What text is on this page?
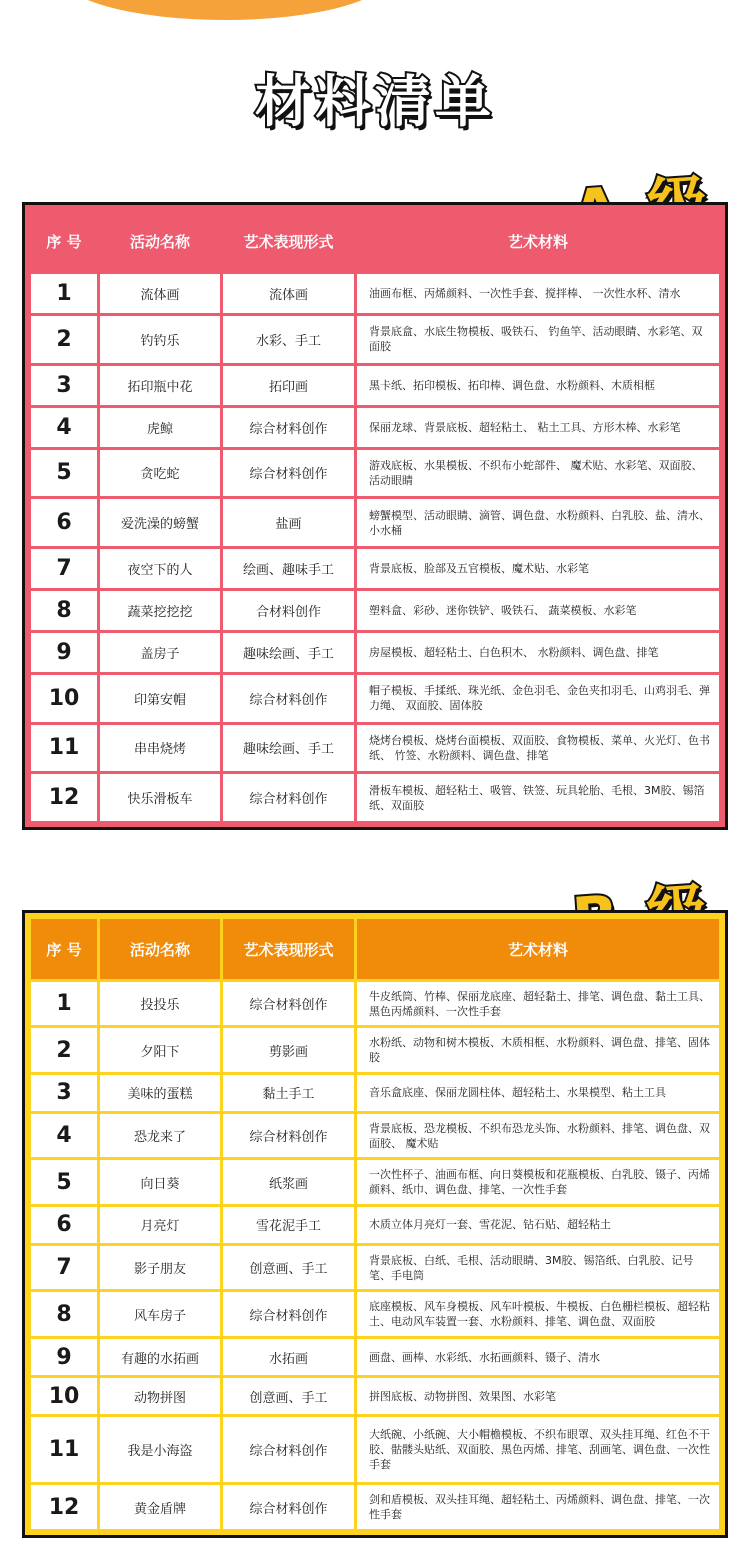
材料清单
序 号	活动名称	艺术表现形式	艺术材料
1	流体画	流体画	油画布框、丙烯颜料、一次性手套、搅拌棒、 一次性水杯、清水
2	钓钓乐	水彩、手工	背景底盒、水底生物模板、吸铁石、 钓鱼竿、活动眼睛、水彩笔、双面胶
3	拓印瓶中花	拓印画	黑卡纸、拓印模板、拓印棒、调色盘、水粉颜料、木质相框
4	虎鲸	综合材料创作	保丽龙球、背景底板、超轻粘土、 粘土工具、方形木棒、水彩笔
5	贪吃蛇	综合材料创作	游戏底板、水果模板、不织布小蛇部件、 魔术贴、水彩笔、双面胶、活动眼睛
6	爱洗澡的螃蟹	盐画	螃蟹模型、活动眼睛、滴管、调色盘、水粉颜料、白乳胶、盐、清水、小水桶
7	夜空下的人	绘画、趣味手工	背景底板、脸部及五官模板、魔术贴、水彩笔
8	蔬菜挖挖挖	合材料创作	塑料盒、彩砂、迷你铁铲、吸铁石、 蔬菜模板、水彩笔
9	盖房子	趣味绘画、手工	房屋模板、超轻粘土、白色积木、 水粉颜料、调色盘、排笔
10	印第安帽	综合材料创作	帽子模板、手揉纸、珠光纸、金色羽毛、金色夹扣羽毛、山鸡羽毛、弹力绳、 双面胶、固体胶
11	串串烧烤	趣味绘画、手工	烧烤台模板、烧烤台面模板、双面胶、食物模板、菜单、火光灯、色书纸、 竹签、水粉颜料、调色盘、排笔
12	快乐滑板车	综合材料创作	滑板车模板、超轻粘土、吸管、铁签、玩具轮胎、毛根、3M胶、锡箔纸、双面胶
序 号	活动名称	艺术表现形式	艺术材料
1	投投乐	综合材料创作	牛皮纸筒、竹棒、保丽龙底座、超轻黏土、排笔、调色盘、黏土工具、黑色丙烯颜料、一次性手套
2	夕阳下	剪影画	水粉纸、动物和树木模板、木质相框、水粉颜料、调色盘、排笔、固体胶
3	美味的蛋糕	黏土手工	音乐盒底座、保丽龙圆柱体、超轻粘土、水果模型、粘土工具
4	恐龙来了	综合材料创作	背景底板、恐龙模板、不织布恐龙头饰、水粉颜料、排笔、调色盘、双面胶、 魔术贴
5	向日葵	纸浆画	一次性杯子、油画布框、向日葵模板和花瓶模板、白乳胶、镊子、丙烯颜料、纸巾、调色盘、排笔、一次性手套
6	月亮灯	雪花泥手工	木质立体月亮灯一套、雪花泥、钻石贴、超轻粘土
7	影子朋友	创意画、手工	背景底板、白纸、毛根、活动眼睛、3M胶、锡箔纸、白乳胶、记号笔、手电筒
8	风车房子	综合材料创作	底座模板、风车身模板、风车叶模板、牛模板、白色栅栏模板、超轻粘土、电动风车装置一套、水粉颜料、排笔、调色盘、双面胶
9	有趣的水拓画	水拓画	画盘、画棒、水彩纸、水拓画颜料、镊子、清水
10	动物拼图	创意画、手工	拼图底板、动物拼图、效果图、水彩笔
11	我是小海盗	综合材料创作	大纸碗、小纸碗、大小帽檐模板、不织布眼罩、双头挂耳绳、红色不干胶、骷髅头贴纸、双面胶、黑色丙烯、排笔、刮画笔、调色盘、一次性手套
12	黄金盾牌	综合材料创作	剑和盾模板、双头挂耳绳、超轻粘土、丙烯颜料、调色盘、排笔、一次性手套
